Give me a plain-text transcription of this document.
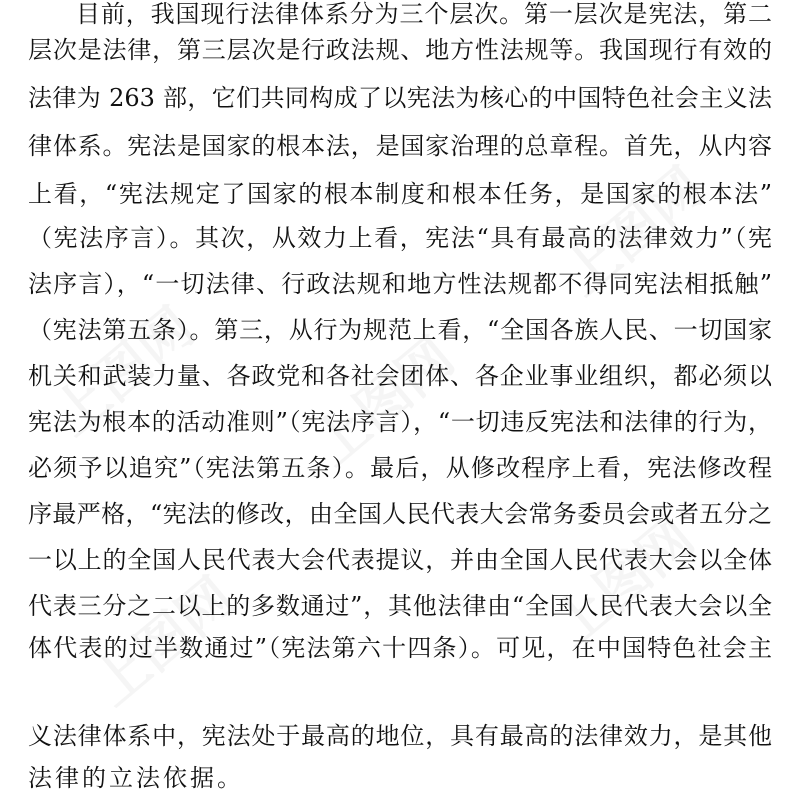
目前，我国现行法律体系分为三个层次。第一层次是宪法，第二
层次是法律，第三层次是行政法规、地方性法规等。我国现行有效的
法律为 263 部，它们共同构成了以宪法为核心的中国特色社会主义法
律体系。宪法是国家的根本法，是国家治理的总章程。首先，从内容
上看，“宪法规定了国家的根本制度和根本任务，是国家的根本法”
（宪法序言）。其次，从效力上看，宪法“具有最高的法律效力”（宪
法序言），“一切法律、行政法规和地方性法规都不得同宪法相抵触”
（宪法第五条）。第三，从行为规范上看，“全国各族人民、一切国家
机关和武装力量、各政党和各社会团体、各企业事业组织，都必须以
宪法为根本的活动准则”（宪法序言），“一切违反宪法和法律的行为，
必须予以追究”（宪法第五条）。最后，从修改程序上看，宪法修改程
序最严格，“宪法的修改，由全国人民代表大会常务委员会或者五分之
一以上的全国人民代表大会代表提议，并由全国人民代表大会以全体
代表三分之二以上的多数通过”，其他法律由“全国人民代表大会以全
体代表的过半数通过”（宪法第六十四条）。可见，在中国特色社会主
义法律体系中，宪法处于最高的地位，具有最高的法律效力，是其他
法律的立法依据。
